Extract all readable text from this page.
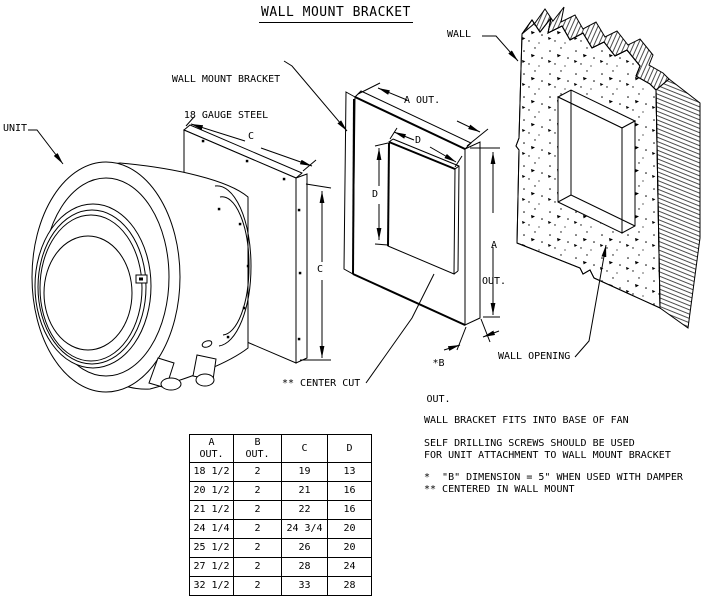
WALL MOUNT BRACKET
UNIT
WALL

WALL MOUNT BRACKET

18 GAUGE STEEL

WALL OPENING
** CENTER CUT
A OUT.
D
D

A

OUT.

*B

OUT.

C
C
WALL BRACKET FITS INTO BASE OF FAN
SELF DRILLING SCREWS SHOULD BE USED
FOR UNIT ATTACHMENT TO WALL MOUNT BRACKET
*  "B" DIMENSION = 5" WHEN USED WITH DAMPER
** CENTERED IN WALL MOUNT
A
OUT.

B
OUT.

C	D

18 1/2	2	19	13
20 1/2	2	21	16
21 1/2	2	22	16
24 1/4	2	24 3/4	20
25 1/2	2	26	20
27 1/2	2	28	24
32 1/2	2	33	28
